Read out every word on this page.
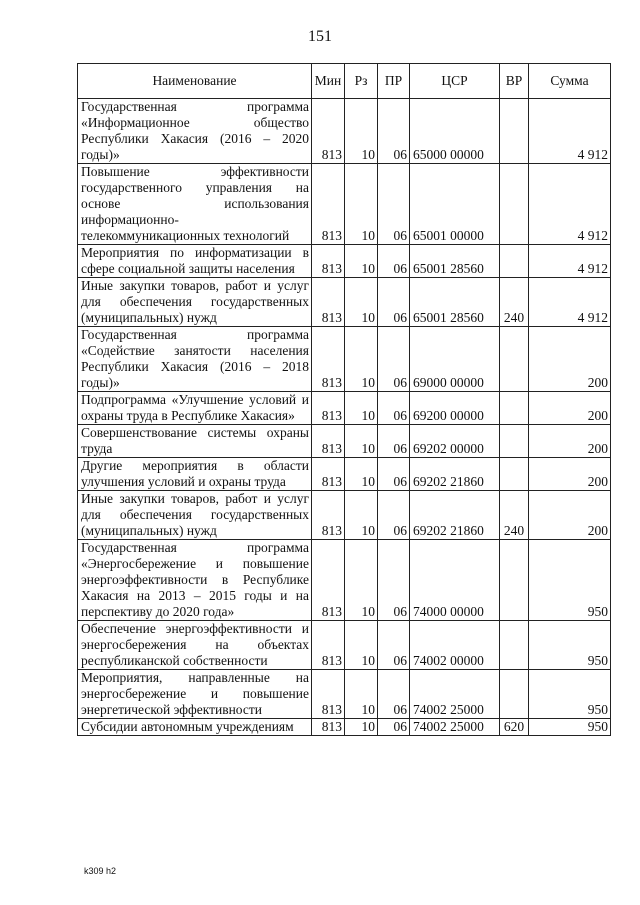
151
Наименование	Мин	Рз	ПР	ЦСР	ВР	Сумма
Государственная программа «Информационное общество Республики Хакасия (2016 – 2020 годы)»	813	10	06	65000 00000		4 912
Повышение эффективности государственного управления на основе использования информационно-телекоммуникационных технологий	813	10	06	65001 00000		4 912
Мероприятия по информатизации в сфере социальной защиты населения	813	10	06	65001 28560		4 912
Иные закупки товаров, работ и услуг для обеспечения государственных (муниципальных) нужд	813	10	06	65001 28560	240	4 912
Государственная программа «Содействие занятости населения Республики Хакасия (2016 – 2018 годы)»	813	10	06	69000 00000		200
Подпрограмма «Улучшение условий и охраны труда в Республике Хакасия»	813	10	06	69200 00000		200
Совершенствование системы охраны труда	813	10	06	69202 00000		200
Другие мероприятия в области улучшения условий и охраны труда	813	10	06	69202 21860		200
Иные закупки товаров, работ и услуг для обеспечения государственных (муниципальных) нужд	813	10	06	69202 21860	240	200
Государственная программа «Энергосбережение и повышение энергоэффективности в Республике Хакасия на 2013 – 2015 годы и на перспективу до 2020 года»	813	10	06	74000 00000		950
Обеспечение энергоэффективности и энергосбережения на объектах республиканской собственности	813	10	06	74002 00000		950
Мероприятия, направленные на энергосбережение и повышение энергетической эффективности	813	10	06	74002 25000		950
Субсидии автономным учреждениям	813	10	06	74002 25000	620	950
k309 h2
